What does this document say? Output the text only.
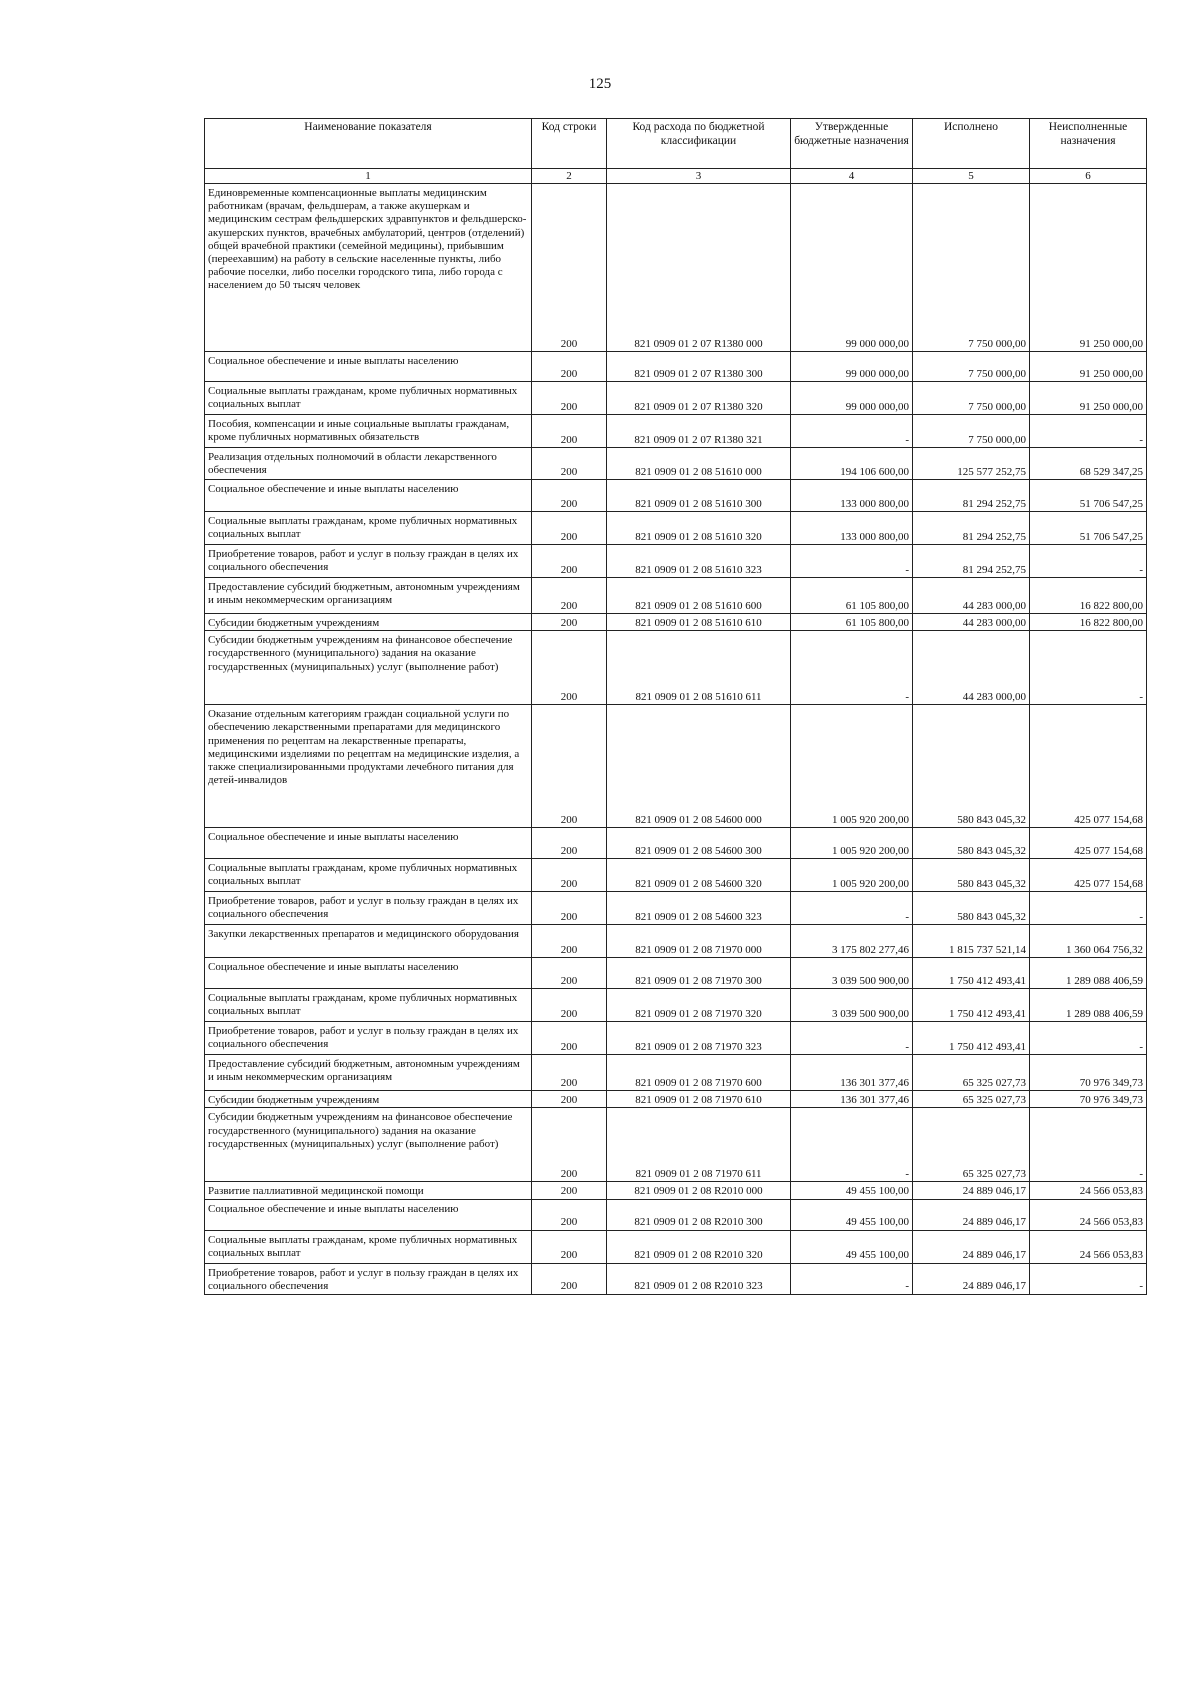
125
Наименование показателя	Код строки	Код расхода по бюджетной классификации	Утвержденные бюджетные назначения	Исполнено	Неисполненные назначения
1	2	3	4	5	6
Единовременные компенсационные выплаты медицинским работникам (врачам, фельдшерам, а также акушеркам и медицинским сестрам фельдшерских здравпунктов и фельдшерско-акушерских пунктов, врачебных амбулаторий, центров (отделений) общей врачебной практики (семейной медицины), прибывшим (переехавшим) на работу в сельские населенные пункты, либо рабочие поселки, либо поселки городского типа, либо города с населением до 50 тысяч человек	200	821 0909 01 2 07 R1380 000	99 000 000,00	7 750 000,00	91 250 000,00
Социальное обеспечение и иные выплаты населению	200	821 0909 01 2 07 R1380 300	99 000 000,00	7 750 000,00	91 250 000,00
Социальные выплаты гражданам, кроме публичных нормативных социальных выплат	200	821 0909 01 2 07 R1380 320	99 000 000,00	7 750 000,00	91 250 000,00
Пособия, компенсации и иные социальные выплаты гражданам, кроме публичных нормативных обязательств	200	821 0909 01 2 07 R1380 321	-	7 750 000,00	-
Реализация отдельных полномочий в области лекарственного обеспечения	200	821 0909 01 2 08 51610 000	194 106 600,00	125 577 252,75	68 529 347,25
Социальное обеспечение и иные выплаты населению	200	821 0909 01 2 08 51610 300	133 000 800,00	81 294 252,75	51 706 547,25
Социальные выплаты гражданам, кроме публичных нормативных социальных выплат	200	821 0909 01 2 08 51610 320	133 000 800,00	81 294 252,75	51 706 547,25
Приобретение товаров, работ и услуг в пользу граждан в целях их социального обеспечения	200	821 0909 01 2 08 51610 323	-	81 294 252,75	-
Предоставление субсидий бюджетным, автономным учреждениям и иным некоммерческим организациям	200	821 0909 01 2 08 51610 600	61 105 800,00	44 283 000,00	16 822 800,00
Субсидии бюджетным учреждениям	200	821 0909 01 2 08 51610 610	61 105 800,00	44 283 000,00	16 822 800,00
Субсидии бюджетным учреждениям на финансовое обеспечение государственного (муниципального) задания на оказание государственных (муниципальных) услуг (выполнение работ)	200	821 0909 01 2 08 51610 611	-	44 283 000,00	-
Оказание отдельным категориям граждан социальной услуги по обеспечению лекарственными препаратами для медицинского применения по рецептам на лекарственные препараты, медицинскими изделиями по рецептам на медицинские изделия, а также специализированными продуктами лечебного питания для детей-инвалидов	200	821 0909 01 2 08 54600 000	1 005 920 200,00	580 843 045,32	425 077 154,68
Социальное обеспечение и иные выплаты населению	200	821 0909 01 2 08 54600 300	1 005 920 200,00	580 843 045,32	425 077 154,68
Социальные выплаты гражданам, кроме публичных нормативных социальных выплат	200	821 0909 01 2 08 54600 320	1 005 920 200,00	580 843 045,32	425 077 154,68
Приобретение товаров, работ и услуг в пользу граждан в целях их социального обеспечения	200	821 0909 01 2 08 54600 323	-	580 843 045,32	-
Закупки лекарственных препаратов и медицинского оборудования	200	821 0909 01 2 08 71970 000	3 175 802 277,46	1 815 737 521,14	1 360 064 756,32
Социальное обеспечение и иные выплаты населению	200	821 0909 01 2 08 71970 300	3 039 500 900,00	1 750 412 493,41	1 289 088 406,59
Социальные выплаты гражданам, кроме публичных нормативных социальных выплат	200	821 0909 01 2 08 71970 320	3 039 500 900,00	1 750 412 493,41	1 289 088 406,59
Приобретение товаров, работ и услуг в пользу граждан в целях их социального обеспечения	200	821 0909 01 2 08 71970 323	-	1 750 412 493,41	-
Предоставление субсидий бюджетным, автономным учреждениям и иным некоммерческим организациям	200	821 0909 01 2 08 71970 600	136 301 377,46	65 325 027,73	70 976 349,73
Субсидии бюджетным учреждениям	200	821 0909 01 2 08 71970 610	136 301 377,46	65 325 027,73	70 976 349,73
Субсидии бюджетным учреждениям на финансовое обеспечение государственного (муниципального) задания на оказание государственных (муниципальных) услуг (выполнение работ)	200	821 0909 01 2 08 71970 611	-	65 325 027,73	-
Развитие паллиативной медицинской помощи	200	821 0909 01 2 08 R2010 000	49 455 100,00	24 889 046,17	24 566 053,83
Социальное обеспечение и иные выплаты населению	200	821 0909 01 2 08 R2010 300	49 455 100,00	24 889 046,17	24 566 053,83
Социальные выплаты гражданам, кроме публичных нормативных социальных выплат	200	821 0909 01 2 08 R2010 320	49 455 100,00	24 889 046,17	24 566 053,83
Приобретение товаров, работ и услуг в пользу граждан в целях их социального обеспечения	200	821 0909 01 2 08 R2010 323	-	24 889 046,17	-
